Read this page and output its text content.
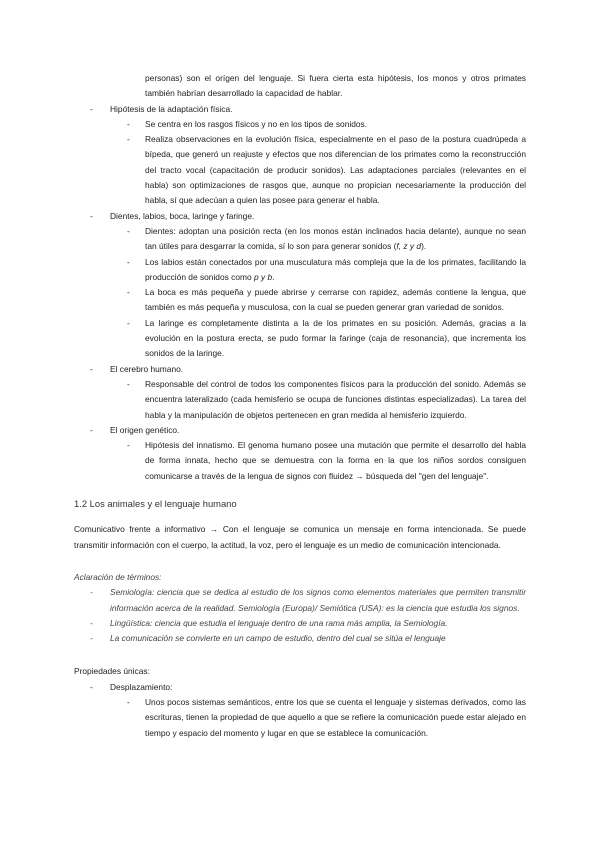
personas) son el orígen del lenguaje. Si fuera cierta esta hipótesis, los monos y otros primates también habrían desarrollado la capacidad de hablar.
- Hipótesis de la adaptación física.
- Se centra en los rasgos físicos y no en los tipos de sonidos.
- Realiza observaciones en la evolución física, especialmente en el paso de la postura cuadrúpeda a bípeda, que generó un reajuste y efectos que nos diferencian de los primates como la reconstrucción del tracto vocal (capacitación de producir sonidos). Las adaptaciones parciales (relevantes en el habla) son optimizaciones de rasgos que, aunque no propician necesariamente la producción del habla, sí que adecúan a quien las posee para generar el habla.
- Dientes, labios, boca, laringe y faringe.
- Dientes: adoptan una posición recta (en los monos están inclinados hacia delante), aunque no sean tan útiles para desgarrar la comida, sí lo son para generar sonidos (f, z y d).
- Los labios están conectados por una musculatura más compleja que la de los primates, facilitando la producción de sonidos como p y b.
- La boca es más pequeña y puede abrirse y cerrarse con rapidez, además contiene la lengua, que también es más pequeña y musculosa, con la cual se pueden generar gran variedad de sonidos.
- La laringe es completamente distinta a la de los primates en su posición. Además, gracias a la evolución en la postura erecta, se pudo formar la faringe (caja de resonancia), que incrementa los sonidos de la laringe.
- El cerebro humano.
- Responsable del control de todos los componentes físicos para la producción del sonido. Además se encuentra lateralizado (cada hemisferio se ocupa de funciones distintas especializadas). La tarea del habla y la manipulación de objetos pertenecen en gran medida al hemisferio izquierdo.
- El origen genético.
- Hipótesis del innatismo. El genoma humano posee una mutación que permite el desarrollo del habla de forma innata, hecho que se demuestra con la forma en la que los niños sordos consiguen comunicarse a través de la lengua de signos con fluidez → búsqueda del "gen del lenguaje".
1.2 Los animales y el lenguaje humano
Comunicativo frente a informativo → Con el lenguaje se comunica un mensaje en forma intencionada. Se puede transmitir información con el cuerpo, la actitud, la voz, pero el lenguaje es un medio de comunicación intencionada.
Aclaración de términos:
- Semiología: ciencia que se dedica al estudio de los signos como elementos materiales que permiten transmitir información acerca de la realidad. Semiología (Europa)/ Semiótica (USA): es la ciencia que estudia los signos.
- Lingüística: ciencia que estudia el lenguaje dentro de una rama más amplia, la Semiología.
- La comunicación se convierte en un campo de estudio, dentro del cual se sitúa el lenguaje
Propiedades únicas:
- Desplazamiento:
- Unos pocos sistemas semánticos, entre los que se cuenta el lenguaje y sistemas derivados, como las escrituras, tienen la propiedad de que aquello a que se refiere la comunicación puede estar alejado en tiempo y espacio del momento y lugar en que se establece la comunicación.
